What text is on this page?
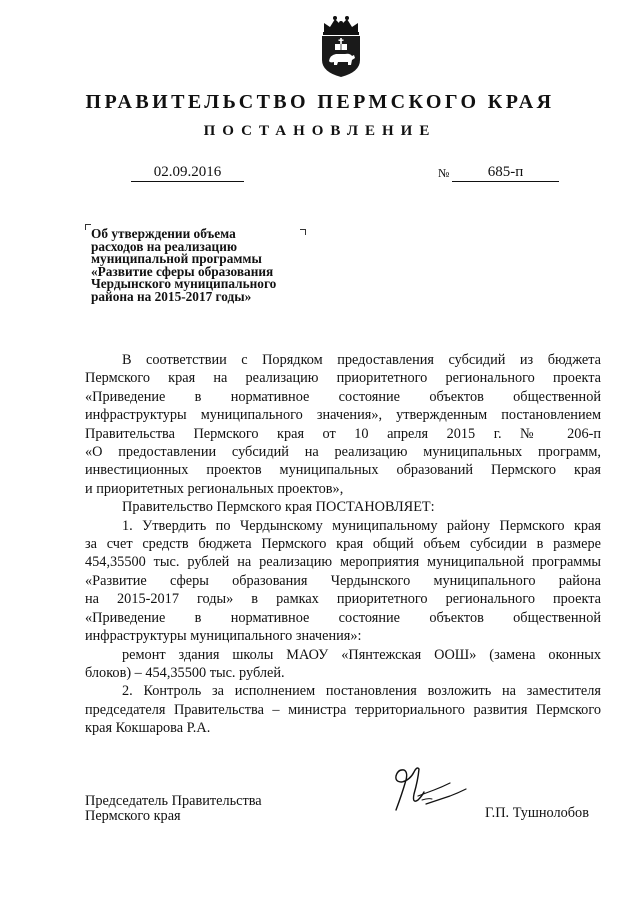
ПРАВИТЕЛЬСТВО ПЕРМСКОГО КРАЯ
ПОСТАНОВЛЕНИЕ
02.09.2016	№	685-п
Об утверждении объема
расходов на реализацию
муниципальной программы
«Развитие сферы образования
Чердынского муниципального
района на 2015-2017 годы»

В соответствии с Порядком предоставления субсидий из бюджета
Пермского края на реализацию приоритетного регионального проекта
«Приведение в нормативное состояние объектов общественной
инфраструктуры муниципального значения», утвержденным постановлением
Правительства Пермского края от 10 апреля 2015 г. № 206-п
«О предоставлении субсидий на реализацию муниципальных программ,
инвестиционных проектов муниципальных образований Пермского края
и приоритетных региональных проектов»,

Правительство Пермского края ПОСТАНОВЛЯЕТ:

1. Утвердить по Чердынскому муниципальному району Пермского края
за счет средств бюджета Пермского края общий объем субсидии в размере
454,35500 тыс. рублей на реализацию мероприятия муниципальной программы
«Развитие сферы образования Чердынского муниципального района
на 2015-2017 годы» в рамках приоритетного регионального проекта
«Приведение в нормативное состояние объектов общественной
инфраструктуры муниципального значения»:

ремонт здания школы МАОУ «Пянтежская ООШ» (замена оконных
блоков) – 454,35500 тыс. рублей.

2. Контроль за исполнением постановления возложить на заместителя
председателя Правительства – министра территориального развития Пермского
края Кокшарова Р.А.

Председатель Правительства
Пермского края	Г.П. Тушнолобов
